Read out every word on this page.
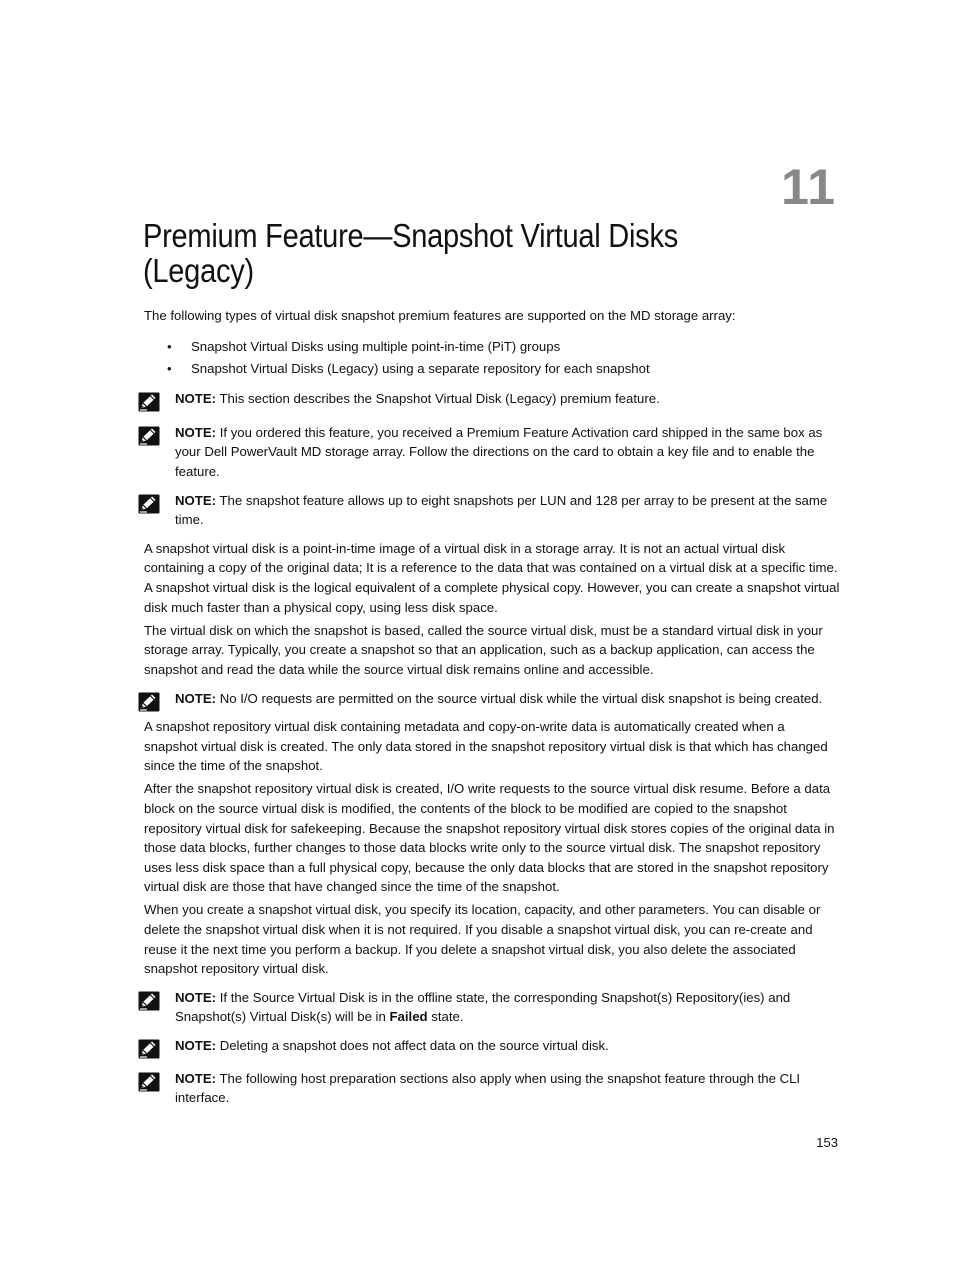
11
Premium Feature—Snapshot Virtual Disks (Legacy)

The following types of virtual disk snapshot premium features are supported on the MD storage array:

• Snapshot Virtual Disks using multiple point-in-time (PiT) groups
• Snapshot Virtual Disks (Legacy) using a separate repository for each snapshot
NOTE: This section describes the Snapshot Virtual Disk (Legacy) premium feature.
NOTE: If you ordered this feature, you received a Premium Feature Activation card shipped in the same box as your Dell PowerVault MD storage array. Follow the directions on the card to obtain a key file and to enable the feature.
NOTE: The snapshot feature allows up to eight snapshots per LUN and 128 per array to be present at the same time.

A snapshot virtual disk is a point-in-time image of a virtual disk in a storage array. It is not an actual virtual disk containing a copy of the original data; It is a reference to the data that was contained on a virtual disk at a specific time. A snapshot virtual disk is the logical equivalent of a complete physical copy. However, you can create a snapshot virtual disk much faster than a physical copy, using less disk space.

The virtual disk on which the snapshot is based, called the source virtual disk, must be a standard virtual disk in your storage array. Typically, you create a snapshot so that an application, such as a backup application, can access the snapshot and read the data while the source virtual disk remains online and accessible.

NOTE: No I/O requests are permitted on the source virtual disk while the virtual disk snapshot is being created.

A snapshot repository virtual disk containing metadata and copy-on-write data is automatically created when a snapshot virtual disk is created. The only data stored in the snapshot repository virtual disk is that which has changed since the time of the snapshot.

After the snapshot repository virtual disk is created, I/O write requests to the source virtual disk resume. Before a data block on the source virtual disk is modified, the contents of the block to be modified are copied to the snapshot repository virtual disk for safekeeping. Because the snapshot repository virtual disk stores copies of the original data in those data blocks, further changes to those data blocks write only to the source virtual disk. The snapshot repository uses less disk space than a full physical copy, because the only data blocks that are stored in the snapshot repository virtual disk are those that have changed since the time of the snapshot.

When you create a snapshot virtual disk, you specify its location, capacity, and other parameters. You can disable or delete the snapshot virtual disk when it is not required. If you disable a snapshot virtual disk, you can re-create and reuse it the next time you perform a backup. If you delete a snapshot virtual disk, you also delete the associated snapshot repository virtual disk.

NOTE: If the Source Virtual Disk is in the offline state, the corresponding Snapshot(s) Repository(ies) and Snapshot(s) Virtual Disk(s) will be in Failed state.
NOTE: Deleting a snapshot does not affect data on the source virtual disk.
NOTE: The following host preparation sections also apply when using the snapshot feature through the CLI interface.
153
